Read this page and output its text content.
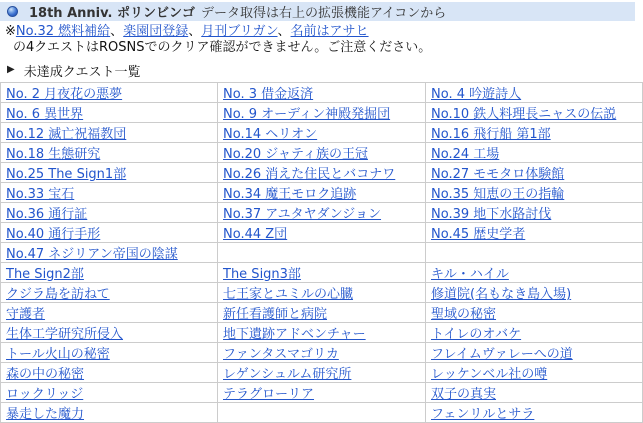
18th Anniv. ポリンビンゴ データ取得は右上の拡張機能アイコンから
※No.32 燃料補給、楽園団登録、月刊ブリガン、名前はアサヒ
の4クエストはROSNSでのクリア確認ができません。ご注意ください。
▶ 未達成クエスト一覧
No. 2 月夜花の悪夢	No. 3 借金返済	No. 4 吟遊詩人
No. 6 異世界	No. 9 オーディン神殿発掘団	No.10 鉄人料理長ニャスの伝説
No.12 滅亡祝福教団	No.14 ヘリオン	No.16 飛行船 第1部
No.18 生態研究	No.20 ジャティ族の王冠	No.24 工場
No.25 The Sign1部	No.26 消えた住民とバコナワ	No.27 モモタロ体験館
No.33 宝石	No.34 魔王モロク追跡	No.35 知恵の王の指輪
No.36 通行証	No.37 アユタヤダンジョン	No.39 地下水路討伐
No.40 通行手形	No.44 Z団	No.45 歴史学者
No.47 ネジリアン帝国の陰謀		
The Sign2部	The Sign3部	キル・ハイル
クジラ島を訪ねて	七王家とユミルの心臓	修道院(名もなき島入場)
守護者	新任看護師と病院	聖域の秘密
生体工学研究所侵入	地下遺跡アドベンチャー	トイレのオバケ
トール火山の秘密	ファンタスマゴリカ	フレイムヴァレーへの道
森の中の秘密	レゲンシュルム研究所	レッケンベル社の噂
ロックリッジ	テラグローリア	双子の真実
暴走した魔力		フェンリルとサラ
